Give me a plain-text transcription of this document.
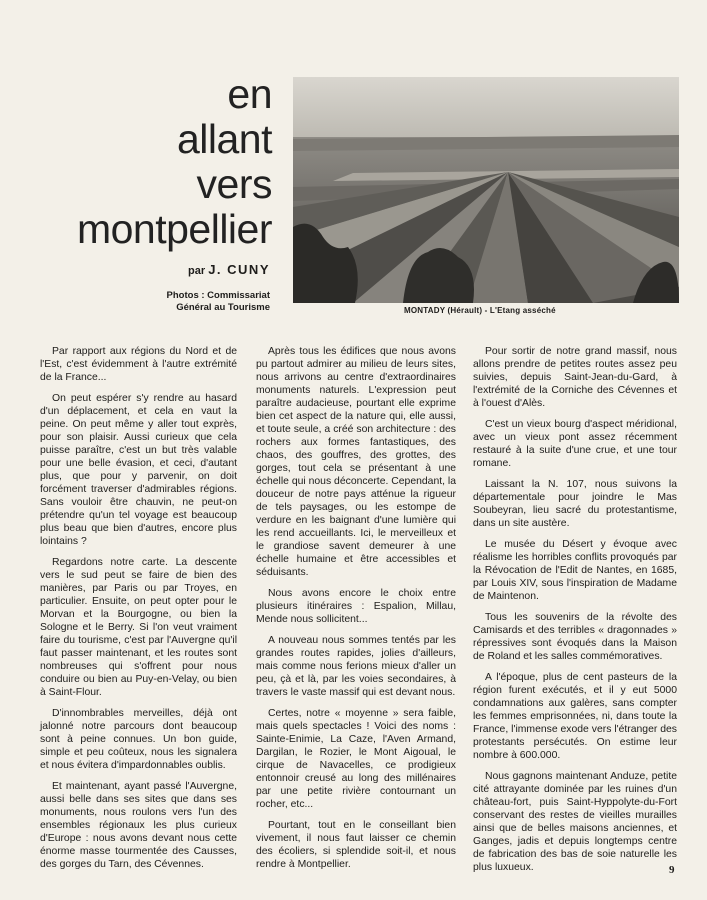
en
allant
vers
montpellier
par J. CUNY
Photos : Commissariat
Général au Tourisme	MONTADY (Hérault) - L'Etang asséché

Par rapport aux régions du Nord et de l'Est, c'est évidemment à l'autre extrémité de la France...

On peut espérer s'y rendre au hasard d'un déplacement, et cela en vaut la peine. On peut même y aller tout exprès, pour son plaisir. Aussi curieux que cela puisse paraître, c'est un but très valable pour une belle évasion, et ceci, d'autant plus, que pour y parvenir, on doit forcément traverser d'admirables régions. Sans vouloir être chauvin, ne peut-on prétendre qu'un tel voyage est beaucoup plus beau que bien d'autres, encore plus lointains ?

Regardons notre carte. La descente vers le sud peut se faire de bien des manières, par Paris ou par Troyes, en particulier. Ensuite, on peut opter pour le Morvan et la Bourgogne, ou bien la Sologne et le Berry. Si l'on veut vraiment faire du tourisme, c'est par l'Auvergne qu'il faut passer maintenant, et les routes sont nombreuses qui s'offrent pour nous conduire ou bien au Puy-en-Velay, ou bien à Saint-Flour.

D'innombrables merveilles, déjà ont jalonné notre parcours dont beaucoup sont à peine connues. Un bon guide, simple et peu coûteux, nous les signalera et nous évitera d'impardonnables oublis.

Et maintenant, ayant passé l'Auvergne, aussi belle dans ses sites que dans ses monuments, nous roulons vers l'un des ensembles régionaux les plus curieux d'Europe : nous avons devant nous cette énorme masse tourmentée des Causses, des gorges du Tarn, des Cévennes.

Après tous les édifices que nous avons pu partout admirer au milieu de leurs sites, nous arrivons au centre d'extraordinaires monuments naturels. L'expression peut paraître audacieuse, pourtant elle exprime bien cet aspect de la nature qui, elle aussi, et toute seule, a créé son architecture : des rochers aux formes fantastiques, des chaos, des gouffres, des grottes, des gorges, tout cela se présentant à une échelle qui nous déconcerte. Cependant, la douceur de notre pays atténue la rigueur de tels paysages, ou les estompe de verdure en les baignant d'une lumière qui les rend accueillants. Ici, le merveilleux et le grandiose savent demeurer à une échelle humaine et être accessibles et séduisants.

Nous avons encore le choix entre plusieurs itinéraires : Espalion, Millau, Mende nous sollicitent...

A nouveau nous sommes tentés par les grandes routes rapides, jolies d'ailleurs, mais comme nous ferions mieux d'aller un peu, çà et là, par les voies secondaires, à travers le vaste massif qui est devant nous.

Certes, notre « moyenne » sera faible, mais quels spectacles ! Voici des noms : Sainte-Enimie, La Caze, l'Aven Armand, Dargilan, le Rozier, le Mont Aigoual, le cirque de Navacelles, ce prodigieux entonnoir creusé au long des millénaires par une petite rivière contournant un rocher, etc...

Pourtant, tout en le conseillant bien vivement, il nous faut laisser ce chemin des écoliers, si splendide soit-il, et nous rendre à Montpellier.

Pour sortir de notre grand massif, nous allons prendre de petites routes assez peu suivies, depuis Saint-Jean-du-Gard, à l'extrémité de la Corniche des Cévennes et à l'ouest d'Alès.

C'est un vieux bourg d'aspect méridional, avec un vieux pont assez récemment restauré à la suite d'une crue, et une tour romane.

Laissant la N. 107, nous suivons la départementale pour joindre le Mas Soubeyran, lieu sacré du protestantisme, dans un site austère.

Le musée du Désert y évoque avec réalisme les horribles conflits provoqués par la Révocation de l'Edit de Nantes, en 1685, par Louis XIV, sous l'inspiration de Madame de Maintenon.

Tous les souvenirs de la révolte des Camisards et des terribles « dragonnades » répressives sont évoqués dans la Maison de Roland et les salles commémoratives.

A l'époque, plus de cent pasteurs de la région furent exécutés, et il y eut 5000 condamnations aux galères, sans compter les femmes emprisonnées, ni, dans toute la France, l'immense exode vers l'étranger des protestants persécutés. On estime leur nombre à 600.000.

Nous gagnons maintenant Anduze, petite cité attrayante dominée par les ruines d'un château-fort, puis Saint-Hyppolyte-du-Fort conservant des restes de vieilles murailles ainsi que de belles maisons anciennes, et Ganges, jadis et depuis longtemps centre de fabrication des bas de soie naturelle les plus luxueux.	9
